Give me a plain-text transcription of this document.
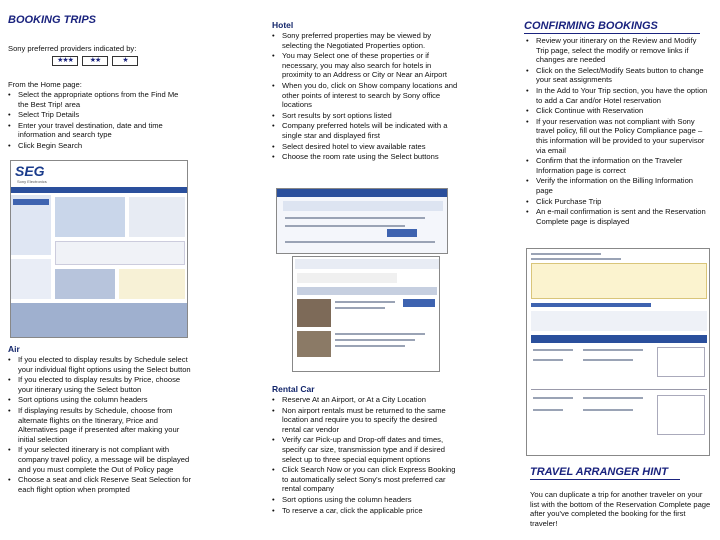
BOOKING TRIPS
Sony preferred providers indicated by:
★★★	★★	★
From the Home page:
• Select the appropriate options from the Find Me the Best Trip! area
• Select Trip Details
• Enter your travel destination, date and time information and search type
• Click Begin Search
SEG
Sony Electronics
Air
• If you elected to display results by Schedule select your individual flight options using the Select button
• If you elected to display results by Price, choose your itinerary using the Select button
• Sort options using the column headers
• If displaying results by Schedule, choose from alternate flights on the Itinerary, Price and Alternatives page if presented after making your initial selection
• If your selected itinerary is not compliant with company travel policy, a message will be displayed and you must complete the Out of Policy page
• Choose a seat and click Reserve Seat Selection for each flight option when prompted
Hotel
• Sony preferred properties may be viewed by selecting the Negotiated Properties option.
• You may Select one of these properties or if necessary, you may also search for hotels in proximity to an Address or City or Near an Airport
• When you do, click on Show company locations and other points of interest to search by Sony office locations
• Sort results by sort options listed
• Company preferred hotels will be indicated with a single star and displayed first
• Select desired hotel to view available rates
• Choose the room rate using the Select buttons
Rental Car
• Reserve At an Airport, or At a City Location
• Non airport rentals must be returned to the same location and require you to specify the desired rental car vendor
• Verify car Pick-up and Drop-off dates and times, specify car size, transmission type and if desired select up to three special equipment options
• Click Search Now or you can click Express Booking to automatically select Sony's most preferred car rental company
• Sort options using the column headers
• To reserve a car, click the applicable price
CONFIRMING BOOKINGS
• Review your itinerary on the Review and Modify Trip page, select the modify or remove links if changes are needed
• Click on the Select/Modify Seats button to change your seat assignments
• In the Add to Your Trip section, you have the option to add a Car and/or Hotel reservation
• Click Continue with Reservation
• If your reservation was not compliant with Sony travel policy, fill out the Policy Compliance page – this information will be provided to your supervisor via email
• Confirm that the information on the Traveler Information page is correct
• Verify the information on the Billing Information page
• Click Purchase Trip
• An e-mail confirmation is sent and the Reservation Complete page is displayed
TRAVEL ARRANGER HINT
You can duplicate a trip for another traveler on your list with the bottom of the Reservation Complete page after you've completed the booking for the first traveler!
